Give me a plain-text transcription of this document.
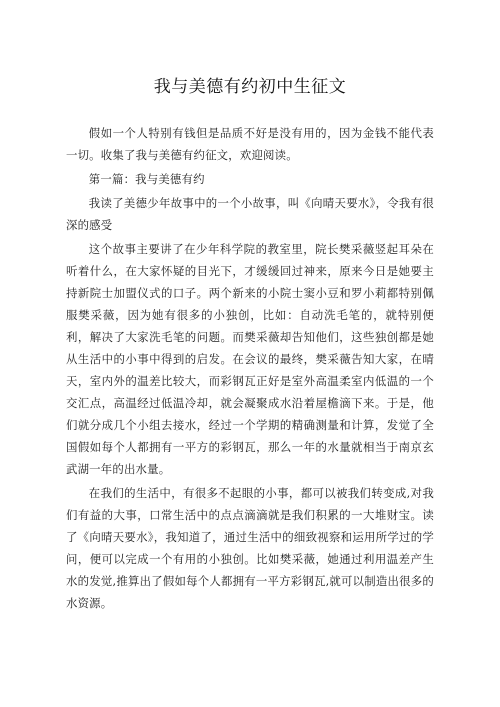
我与美德有约初中生征文

假如一个人特别有钱但是品质不好是没有用的，因为金钱不能代表一切。收集了我与美德有约征文，欢迎阅读。

第一篇：我与美德有约

我读了美德少年故事中的一个小故事，叫《向晴天要水》，令我有很深的感受

这个故事主要讲了在少年科学院的教室里，院长樊采薇竖起耳朵在听着什么，在大家怀疑的目光下，才缓缓回过神来，原来今日是她要主持新院士加盟仪式的口子。两个新来的小院士窦小豆和罗小莉都特别佩服樊采薇，因为她有很多的小独创，比如：自动洗毛笔的，就特别便利，解决了大家洗毛笔的问题。而樊采薇却告知他们，这些独创都是她从生活中的小事中得到的启发。在会议的最终，樊采薇告知大家，在晴天，室内外的温差比较大，而彩钢瓦正好是室外高温柔室内低温的一个交汇点，高温经过低温冷却，就会凝聚成水沿着屋檐滴下来。于是，他们就分成几个小组去接水，经过一个学期的精确测量和计算，发觉了全国假如每个人都拥有一平方的彩钢瓦，那么一年的水量就相当于南京玄武湖一年的出水量。

在我们的生活中，有很多不起眼的小事，都可以被我们转变成,对我们有益的大事，口常生活中的点点滴滴就是我们积累的一大堆财宝。读了《向晴天要水》，我知道了，通过生活中的细致视察和运用所学过的学问，便可以完成一个有用的小独创。比如樊采薇，她通过利用温差产生水的发觉,推算出了假如每个人都拥有一平方彩钢瓦,就可以制造出很多的水资源。
